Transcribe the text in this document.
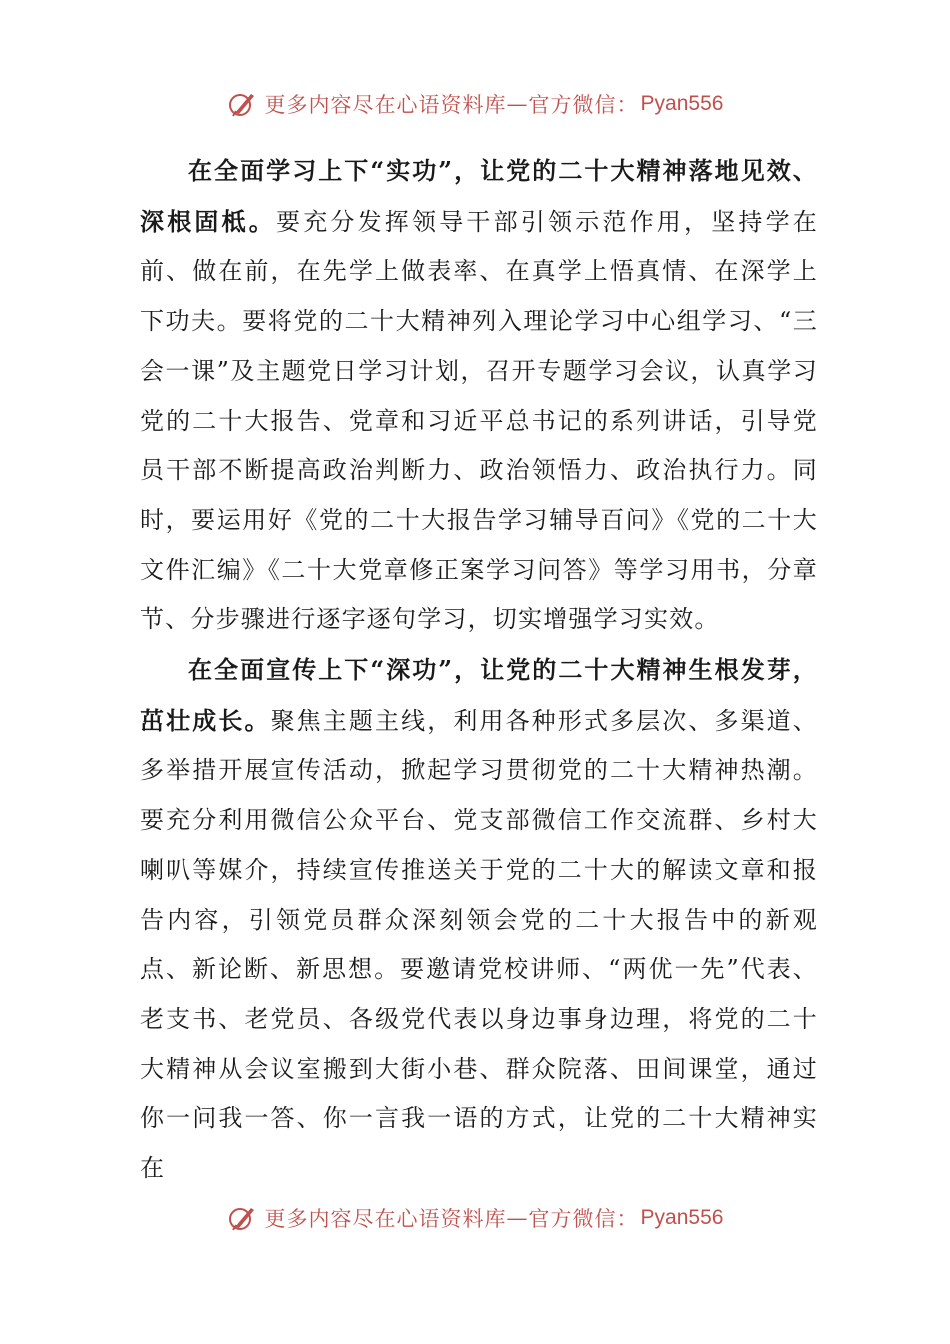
更多内容尽在心语资料库 — 官方微信： Pyan556

在全面学习上下“实功”，让党的二十大精神落地见效、深根固柢。要充分发挥领导干部引领示范作用，坚持学在前、做在前，在先学上做表率、在真学上悟真情、在深学上下功夫。要将党的二十大精神列入理论学习中心组学习、“三会一课”及主题党日学习计划，召开专题学习会议，认真学习党的二十大报告、党章和习近平总书记的系列讲话，引导党员干部不断提高政治判断力、政治领悟力、政治执行力。同时，要运用好《党的二十大报告学习辅导百问》《党的二十大文件汇编》《二十大党章修正案学习问答》等学习用书，分章节、分步骤进行逐字逐句学习，切实增强学习实效。

在全面宣传上下“深功”，让党的二十大精神生根发芽，茁壮成长。聚焦主题主线，利用各种形式多层次、多渠道、多举措开展宣传活动，掀起学习贯彻党的二十大精神热潮。要充分利用微信公众平台、党支部微信工作交流群、乡村大喇叭等媒介，持续宣传推送关于党的二十大的解读文章和报告内容，引领党员群众深刻领会党的二十大报告中的新观点、新论断、新思想。要邀请党校讲师、“两优一先”代表、老支书、老党员、各级党代表以身边事身边理，将党的二十大精神从会议室搬到大街小巷、群众院落、田间课堂，通过你一问我一答、你一言我一语的方式，让党的二十大精神实在

更多内容尽在心语资料库 — 官方微信： Pyan556
